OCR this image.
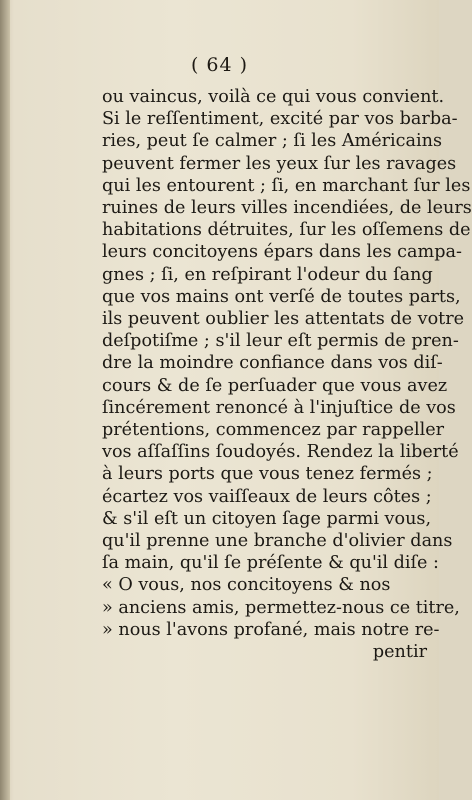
( 64 )
ou vaincus, voilà ce qui vous convient.
Si le reſſentiment, excité par vos barba-
ries, peut ſe calmer ; ſi les Américains
peuvent fermer les yeux ſur les ravages
qui les entourent ; ſi, en marchant ſur les
ruines de leurs villes incendiées, de leurs
habitations détruites, ſur les oſſemens de
leurs concitoyens épars dans les campa-
gnes ; ſi, en reſpirant l'odeur du ſang
que vos mains ont verſé de toutes parts,
ils peuvent oublier les attentats de votre
deſpotiſme ; s'il leur eſt permis de pren-
dre la moindre confiance dans vos diſ-
cours & de ſe perſuader que vous avez
ſincérement renoncé à l'injuſtice de vos
prétentions, commencez par rappeller
vos aſſaſſins ſoudoyés. Rendez la liberté
à leurs ports que vous tenez fermés ;
écartez vos vaiſſeaux de leurs côtes ;
& s'il eſt un citoyen ſage parmi vous,
qu'il prenne une branche d'olivier dans
ſa main, qu'il ſe préſente & qu'il diſe :
« O vous, nos concitoyens & nos
» anciens amis, permettez-nous ce titre,
» nous l'avons profané, mais notre re-
pentir
